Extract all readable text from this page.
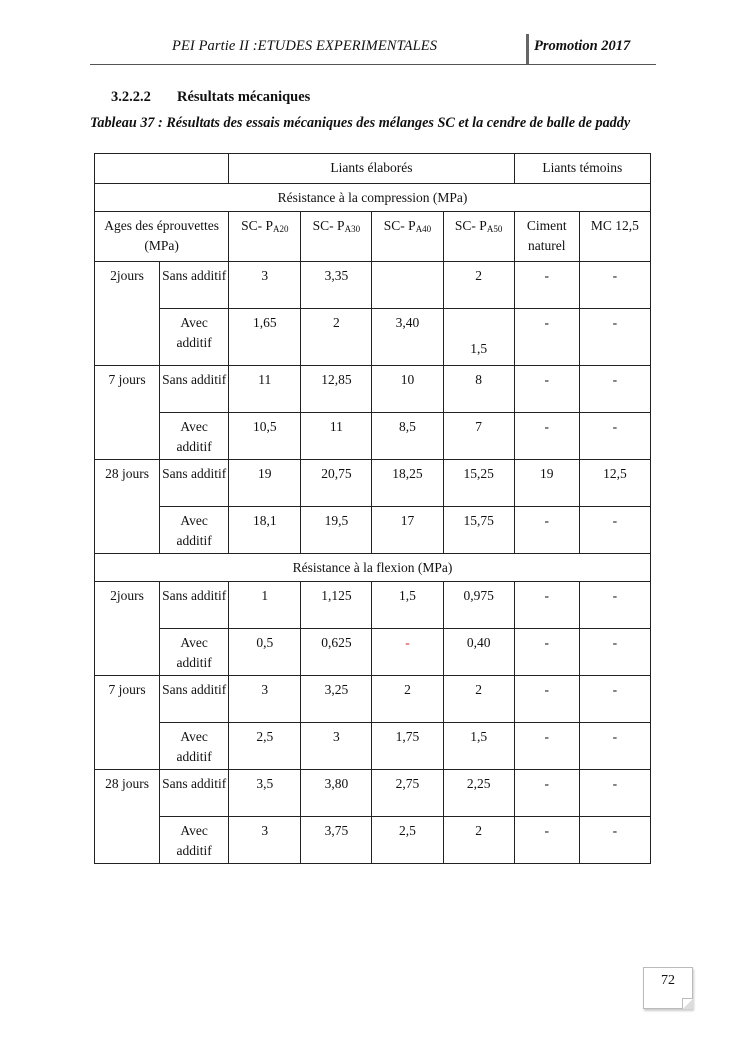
PEI Partie II :ETUDES EXPERIMENTALES	Promotion 2017
3.2.2.2 Résultats mécaniques
Tableau 37 : Résultats des essais mécaniques des mélanges SC et la cendre de balle de paddy
		Liants élaborés				Liants témoins	
Résistance à la compression (MPa)							
Ages des éprouvettes (MPa)		SC- $P_{A20}$	SC- $P_{A30}$	SC- $P_{A40}$	SC- $P_{A50}$	Ciment naturel	MC 12,5
2jours	Sans additif	3	3,35		2	-	-
	Avec additif	1,65	2	3,40	1,5	-	-
7 jours	Sans additif	11	12,85	10	8	-	-
	Avec additif	10,5	11	8,5	7	-	-
28 jours	Sans additif	19	20,75	18,25	15,25	19	12,5
	Avec additif	18,1	19,5	17	15,75	-	-
Résistance à la flexion (MPa)							
2jours	Sans additif	1	1,125	1,5	0,975	-	-
	Avec additif	0,5	0,625	-	0,40	-	-
7 jours	Sans additif	3	3,25	2	2	-	-
	Avec additif	2,5	3	1,75	1,5	-	-
28 jours	Sans additif	3,5	3,80	2,75	2,25	-	-
	Avec additif	3	3,75	2,5	2	-	-
72
